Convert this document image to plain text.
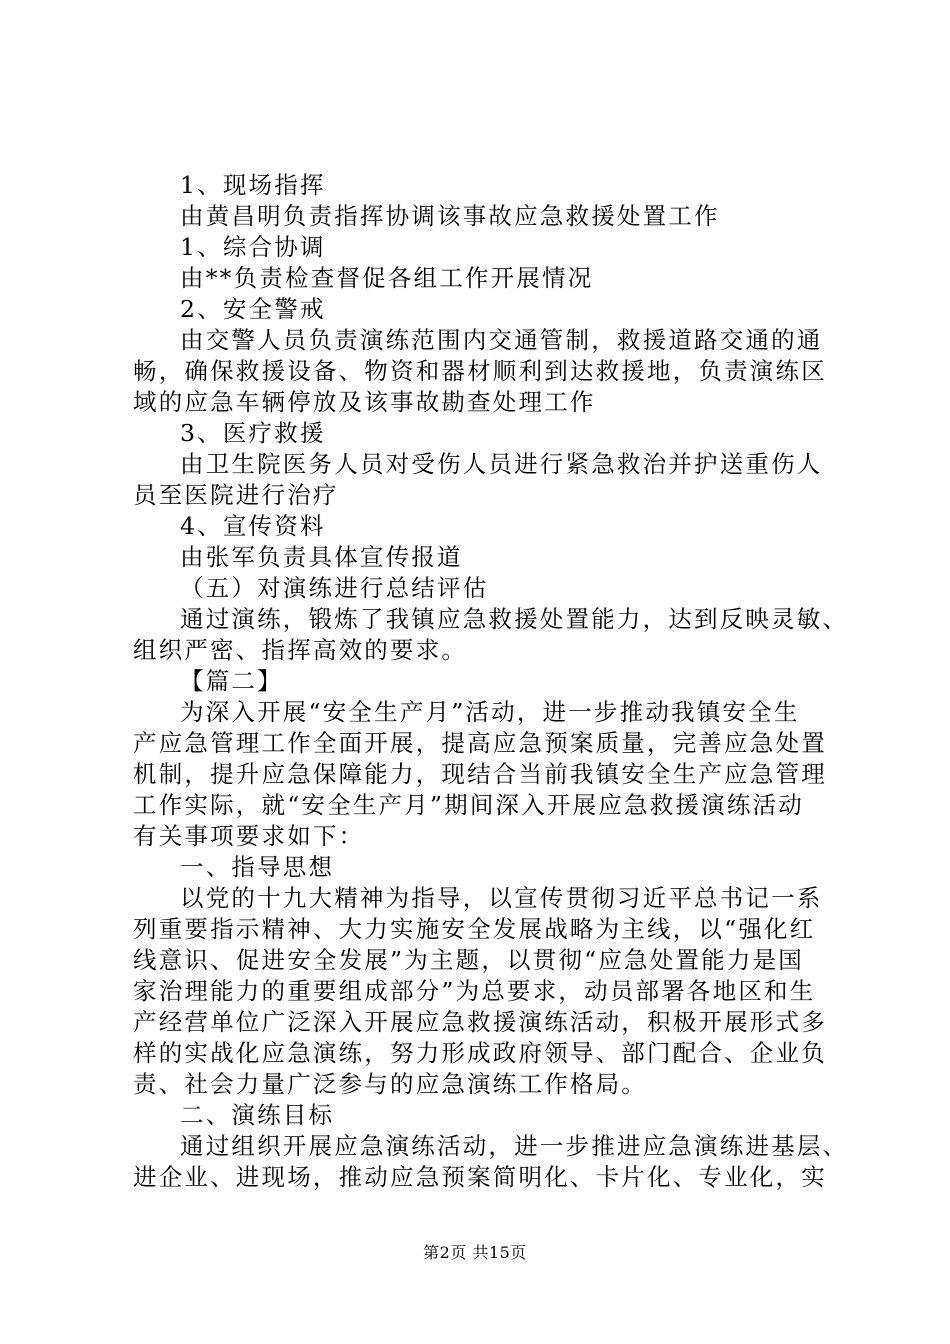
1、现场指挥
由黄昌明负责指挥协调该事故应急救援处置工作
1、综合协调
由**负责检查督促各组工作开展情况
2、安全警戒
由交警人员负责演练范围内交通管制，救援道路交通的通
畅，确保救援设备、物资和器材顺利到达救援地，负责演练区
域的应急车辆停放及该事故勘查处理工作
3、医疗救援
由卫生院医务人员对受伤人员进行紧急救治并护送重伤人
员至医院进行治疗
4、宣传资料
由张军负责具体宣传报道
（五）对演练进行总结评估
通过演练，锻炼了我镇应急救援处置能力，达到反映灵敏、
组织严密、指挥高效的要求。
【篇二】
为深入开展“安全生产月”活动，进一步推动我镇安全生
产应急管理工作全面开展，提高应急预案质量，完善应急处置
机制，提升应急保障能力，现结合当前我镇安全生产应急管理
工作实际，就“安全生产月”期间深入开展应急救援演练活动
有关事项要求如下：
一、指导思想
以党的十九大精神为指导，以宣传贯彻习近平总书记一系
列重要指示精神、大力实施安全发展战略为主线，以“强化红
线意识、促进安全发展”为主题，以贯彻“应急处置能力是国
家治理能力的重要组成部分”为总要求，动员部署各地区和生
产经营单位广泛深入开展应急救援演练活动，积极开展形式多
样的实战化应急演练，努力形成政府领导、部门配合、企业负
责、社会力量广泛参与的应急演练工作格局。
二、演练目标
通过组织开展应急演练活动，进一步推进应急演练进基层、
进企业、进现场，推动应急预案简明化、卡片化、专业化，实
第2页 共15页
